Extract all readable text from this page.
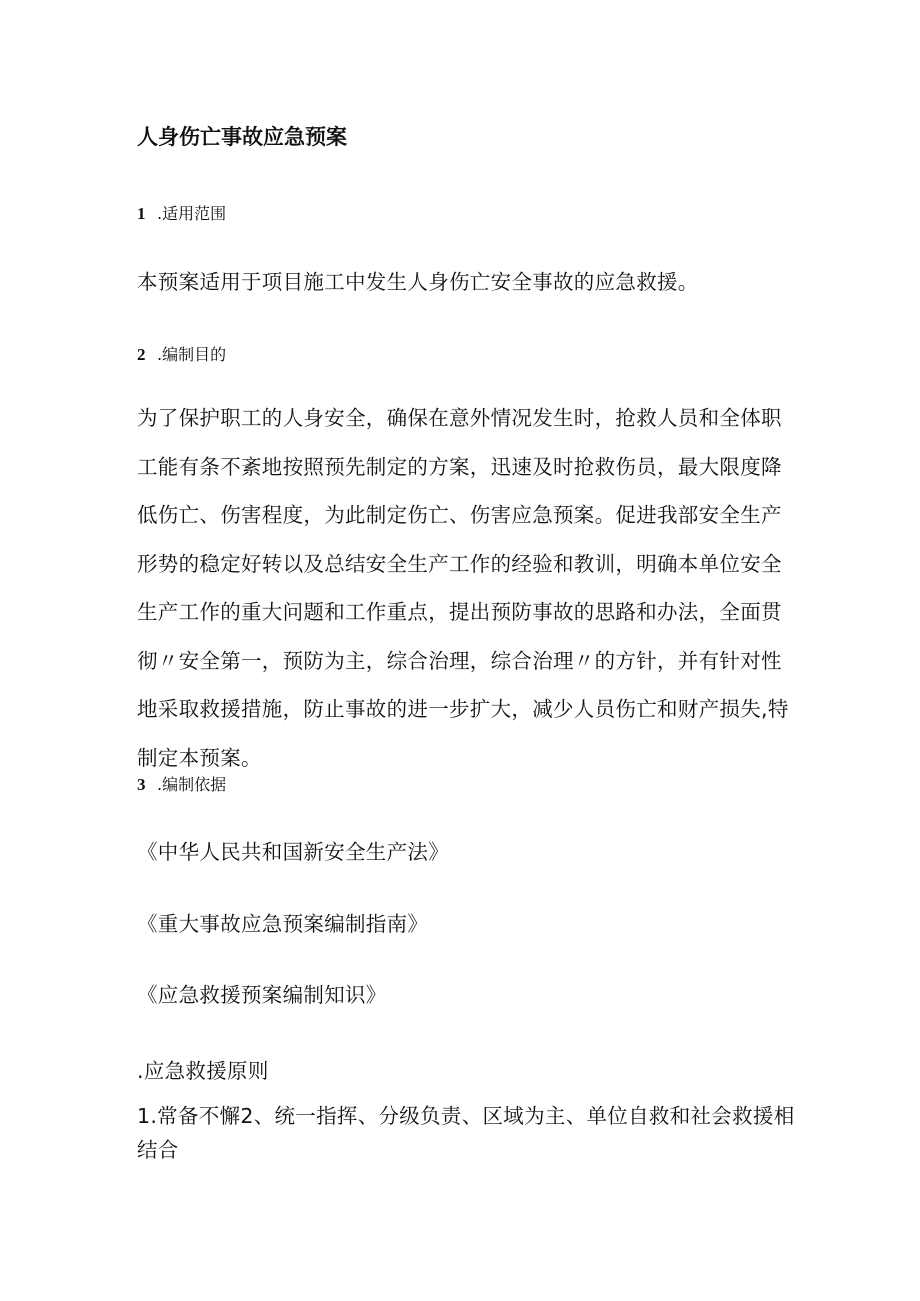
人身伤亡事故应急预案
1 .适用范围
本预案适用于项目施工中发生人身伤亡安全事故的应急救援。
2 .编制目的
为了保护职工的人身安全，确保在意外情况发生时，抢救人员和全体职工能有条不紊地按照预先制定的方案，迅速及时抢救伤员，最大限度降低伤亡、伤害程度，为此制定伤亡、伤害应急预案。促进我部安全生产形势的稳定好转以及总结安全生产工作的经验和教训，明确本单位安全生产工作的重大问题和工作重点，提出预防事故的思路和办法，全面贯彻〃安全第一，预防为主，综合治理，综合治理〃的方针，并有针对性地采取救援措施，防止事故的进一步扩大，减少人员伤亡和财产损失,特制定本预案。
3 .编制依据
《中华人民共和国新安全生产法》
《重大事故应急预案编制指南》
《应急救援预案编制知识》
.应急救援原则
1.常备不懈2、统一指挥、分级负责、区域为主、单位自救和社会救援相结合
